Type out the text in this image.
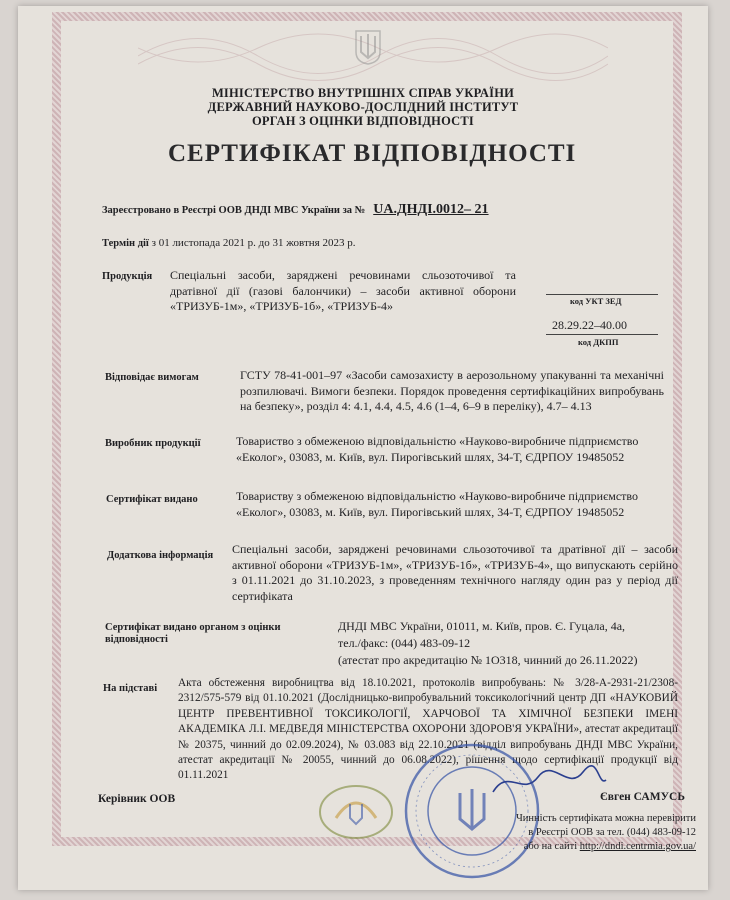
МІНІСТЕРСТВО ВНУТРІШНІХ СПРАВ УКРАЇНИ
ДЕРЖАВНИЙ НАУКОВО-ДОСЛІДНИЙ ІНСТИТУТ
ОРГАН З ОЦІНКИ ВІДПОВІДНОСТІ
СЕРТИФІКАТ ВІДПОВІДНОСТІ
Зареєстровано в Реєстрі ООВ ДНДІ МВС України за № UA.ДНДІ.0012– 21
Термін дії з 01 листопада 2021 р. до 31 жовтня 2023 р.
Продукція Спеціальні засоби, заряджені речовинами сльозоточивої та дратівної дії (газові балончики) – засоби активної оборони «ТРИЗУБ-1м», «ТРИЗУБ-1б», «ТРИЗУБ-4»	код УКТ ЗЕД
28.29.22–40.00
код ДКПП
Відповідає вимогам	ГСТУ 78-41-001–97 «Засоби самозахисту в аерозольному упакуванні та механічні розпилювачі. Вимоги безпеки. Порядок проведення сертифікаційних випробувань на безпеку», розділ 4: 4.1, 4.4, 4.5, 4.6 (1–4, 6–9 в переліку), 4.7– 4.13
Виробник продукції	Товариство з обмеженою відповідальністю «Науково-виробниче підприємство «Еколог», 03083, м. Київ, вул. Пирогівський шлях, 34-Т, ЄДРПОУ 19485052
Сертифікат видано	Товариству з обмеженою відповідальністю «Науково-виробниче підприємство «Еколог», 03083, м. Київ, вул. Пирогівський шлях, 34-Т, ЄДРПОУ 19485052
Додаткова інформація Спеціальні засоби, заряджені речовинами сльозоточивої та дратівної дії – засоби активної оборони «ТРИЗУБ-1м», «ТРИЗУБ-1б», «ТРИЗУБ-4», що випускають серійно з 01.11.2021 до 31.10.2023, з проведенням технічного нагляду один раз у період дії сертифіката
Сертифікат видано органом з оцінки
відповідності
ДНДІ МВС України, 01011, м. Київ, пров. Є. Гуцала, 4а,
тел./факс: (044) 483-09-12
(атестат про акредитацію № 1О318, чинний до 26.11.2022)
На підставі Акта обстеження виробництва від 18.10.2021, протоколів випробувань: № 3/28-А-2931-21/2308-2312/575-579 від 01.10.2021 (Дослідницько-випробувальний токсикологічний центр ДП «НАУКОВИЙ ЦЕНТР ПРЕВЕНТИВНОЇ ТОКСИКОЛОГІЇ, ХАРЧОВОЇ ТА ХІМІЧНОЇ БЕЗПЕКИ ІМЕНІ АКАДЕМІКА Л.І. МЕДВЕДЯ МІНІСТЕРСТВА ОХОРОНИ ЗДОРОВ'Я УКРАЇНИ», атестат акредитації № 20375, чинний до 02.09.2024), № 03.083 від 22.10.2021 (відділ випробувань ДНДІ МВС України, атестат акредитації № 20055, чинний до 06.08.2022), рішення щодо сертифікації продукції від 01.11.2021
Керівник ООВ	Євген САМУСЬ
Чинність сертифіката можна перевірити
в Реєстрі ООВ за тел. (044) 483-09-12
або на сайті http://dndi.centrmia.gov.ua/
